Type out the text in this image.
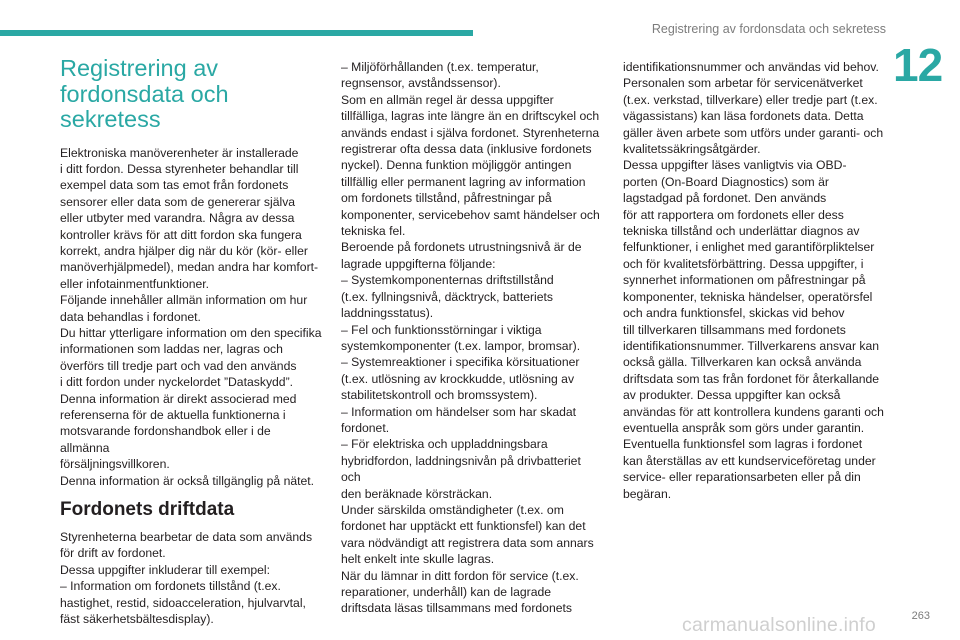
Registrering av fordonsdata och sekretess
12
Registrering av fordonsdata och sekretess

Elektroniska manöverenheter är installerade

i ditt fordon. Dessa styrenheter behandlar till

exempel data som tas emot från fordonets

sensorer eller data som de genererar själva

eller utbyter med varandra. Några av dessa

kontroller krävs för att ditt fordon ska fungera

korrekt, andra hjälper dig när du kör (kör- eller

manöverhjälpmedel), medan andra har komfort-

eller infotainmentfunktioner.

Följande innehåller allmän information om hur

data behandlas i fordonet.

Du hittar ytterligare information om den specifika

informationen som laddas ner, lagras och

överförs till tredje part och vad den används

i ditt fordon under nyckelordet ”Dataskydd”.

Denna information är direkt associerad med

referenserna för de aktuella funktionerna i

motsvarande fordonshandbok eller i de allmänna

försäljningsvillkoren.

Denna information är också tillgänglig på nätet.

Fordonets driftdata

Styrenheterna bearbetar de data som används

för drift av fordonet.

Dessa uppgifter inkluderar till exempel:

– Information om fordonets tillstånd (t.ex.

hastighet, restid, sidoacceleration, hjulvarvtal,

fäst säkerhetsbältesdisplay).

– Miljöförhållanden (t.ex. temperatur,

regnsensor, avståndssensor).

Som en allmän regel är dessa uppgifter

tillfälliga, lagras inte längre än en driftscykel och

används endast i själva fordonet. Styrenheterna

registrerar ofta dessa data (inklusive fordonets

nyckel). Denna funktion möjliggör antingen

tillfällig eller permanent lagring av information

om fordonets tillstånd, påfrestningar på

komponenter, servicebehov samt händelser och

tekniska fel.

Beroende på fordonets utrustningsnivå är de

lagrade uppgifterna följande:

– Systemkomponenternas driftstillstånd

(t.ex. fyllningsnivå, däcktryck, batteriets

laddningsstatus).

– Fel och funktionsstörningar i viktiga

systemkomponenter (t.ex. lampor, bromsar).

– Systemreaktioner i specifika körsituationer

(t.ex. utlösning av krockkudde, utlösning av

stabilitetskontroll och bromssystem).

– Information om händelser som har skadat

fordonet.

– För elektriska och uppladdningsbara

hybridfordon, laddningsnivån på drivbatteriet och

den beräknade körsträckan.

Under särskilda omständigheter (t.ex. om

fordonet har upptäckt ett funktionsfel) kan det

vara nödvändigt att registrera data som annars

helt enkelt inte skulle lagras.

När du lämnar in ditt fordon för service (t.ex.

reparationer, underhåll) kan de lagrade

driftsdata läsas tillsammans med fordonets

identifikationsnummer och användas vid behov.

Personalen som arbetar för servicenätverket

(t.ex. verkstad, tillverkare) eller tredje part (t.ex.

vägassistans) kan läsa fordonets data. Detta

gäller även arbete som utförs under garanti- och

kvalitetssäkringsåtgärder.

Dessa uppgifter läses vanligtvis via OBD-

porten (On-Board Diagnostics) som är

lagstadgad på fordonet. Den används

för att rapportera om fordonets eller dess

tekniska tillstånd och underlättar diagnos av

felfunktioner, i enlighet med garantiförpliktelser

och för kvalitetsförbättring. Dessa uppgifter, i

synnerhet informationen om påfrestningar på

komponenter, tekniska händelser, operatörsfel

och andra funktionsfel, skickas vid behov

till tillverkaren tillsammans med fordonets

identifikationsnummer. Tillverkarens ansvar kan

också gälla. Tillverkaren kan också använda

driftsdata som tas från fordonet för återkallande

av produkter. Dessa uppgifter kan också

användas för att kontrollera kundens garanti och

eventuella anspråk som görs under garantin.

Eventuella funktionsfel som lagras i fordonet

kan återställas av ett kundserviceföretag under

service- eller reparationsarbeten eller på din

begäran.

263
carmanualsonline.info
